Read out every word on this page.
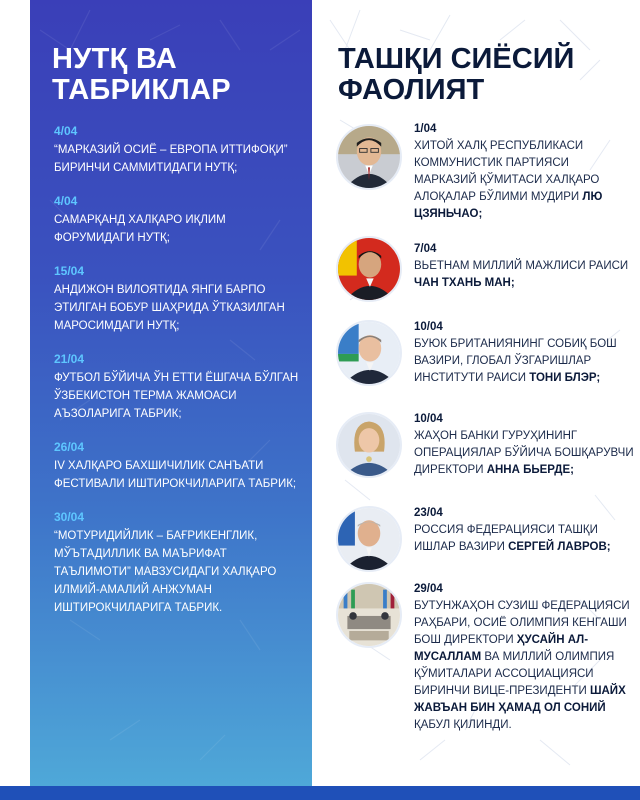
НУТҚ ВА
ТАБРИКЛАР
4/04
“МАРКАЗИЙ ОСИЁ – ЕВРОПА ИТТИФОҚИ” БИРИНЧИ САММИТИДАГИ НУТҚ;
4/04
САМАРҚАНД ХАЛҚАРО ИҚЛИМ ФОРУМИДАГИ НУТҚ;
15/04
АНДИЖОН ВИЛОЯТИДА ЯНГИ БАРПО ЭТИЛГАН БОБУР ШАҲРИДА ЎТКАЗИЛГАН МАРОСИМДАГИ НУТҚ;
21/04
ФУТБОЛ БЎЙИЧА ЎН ЕТТИ ЁШГАЧА БЎЛГАН ЎЗБЕКИСТОН ТЕРМА ЖАМОАСИ АЪЗОЛАРИГА ТАБРИК;
26/04
IV ХАЛҚАРО БАХШИЧИЛИК САНЪАТИ ФЕСТИВАЛИ ИШТИРОКЧИЛАРИГА ТАБРИК;
30/04
“МОТУРИДИЙЛИК – БАҒРИКЕНГЛИК, МЎЪТАДИЛЛИК ВА МАЪРИФАТ ТАЪЛИМОТИ” МАВЗУСИДАГИ ХАЛҚАРО ИЛМИЙ-АМАЛИЙ АНЖУМАН ИШТИРОКЧИЛАРИГА ТАБРИК.
ТАШҚИ СИЁСИЙ
ФАОЛИЯТ
1/04
ХИТОЙ ХАЛҚ РЕСПУБЛИКАСИ КОММУНИСТИК ПАРТИЯСИ МАРКАЗИЙ ҚЎМИТАСИ ХАЛҚАРО АЛОҚАЛАР БЎЛИМИ МУДИРИ ЛЮ ЦЗЯНЬЧАО;
7/04
ВЬЕТНАМ МИЛЛИЙ МАЖЛИСИ РАИСИ ЧАН ТХАНЬ МАН;
10/04
БУЮК БРИТАНИЯНИНГ СОБИҚ БОШ ВАЗИРИ, ГЛОБАЛ ЎЗГАРИШЛАР ИНСТИТУТИ РАИСИ ТОНИ БЛЭР;
10/04
ЖАҲОН БАНКИ ГУРУҲИНИНГ ОПЕРАЦИЯЛАР БЎЙИЧА БОШҚАРУВЧИ ДИРЕКТОРИ АННА БЬЕРДЕ;
23/04
РОССИЯ ФЕДЕРАЦИЯСИ ТАШҚИ ИШЛАР ВАЗИРИ СЕРГЕЙ ЛАВРОВ;
29/04
БУТУНЖАҲОН СУЗИШ ФЕДЕРАЦИЯСИ РАҲБАРИ, ОСИЁ ОЛИМПИЯ КЕНГАШИ БОШ ДИРЕКТОРИ ҲУСАЙН АЛ-МУСАЛЛАМ ВА МИЛЛИЙ ОЛИМПИЯ ҚЎМИТАЛАРИ АССОЦИАЦИЯСИ БИРИНЧИ ВИЦЕ-ПРЕЗИДЕНТИ ШАЙХ ЖАВЪАН БИН ҲАМАД ОЛ СОНИЙ ҚАБУЛ ҚИЛИНДИ.
